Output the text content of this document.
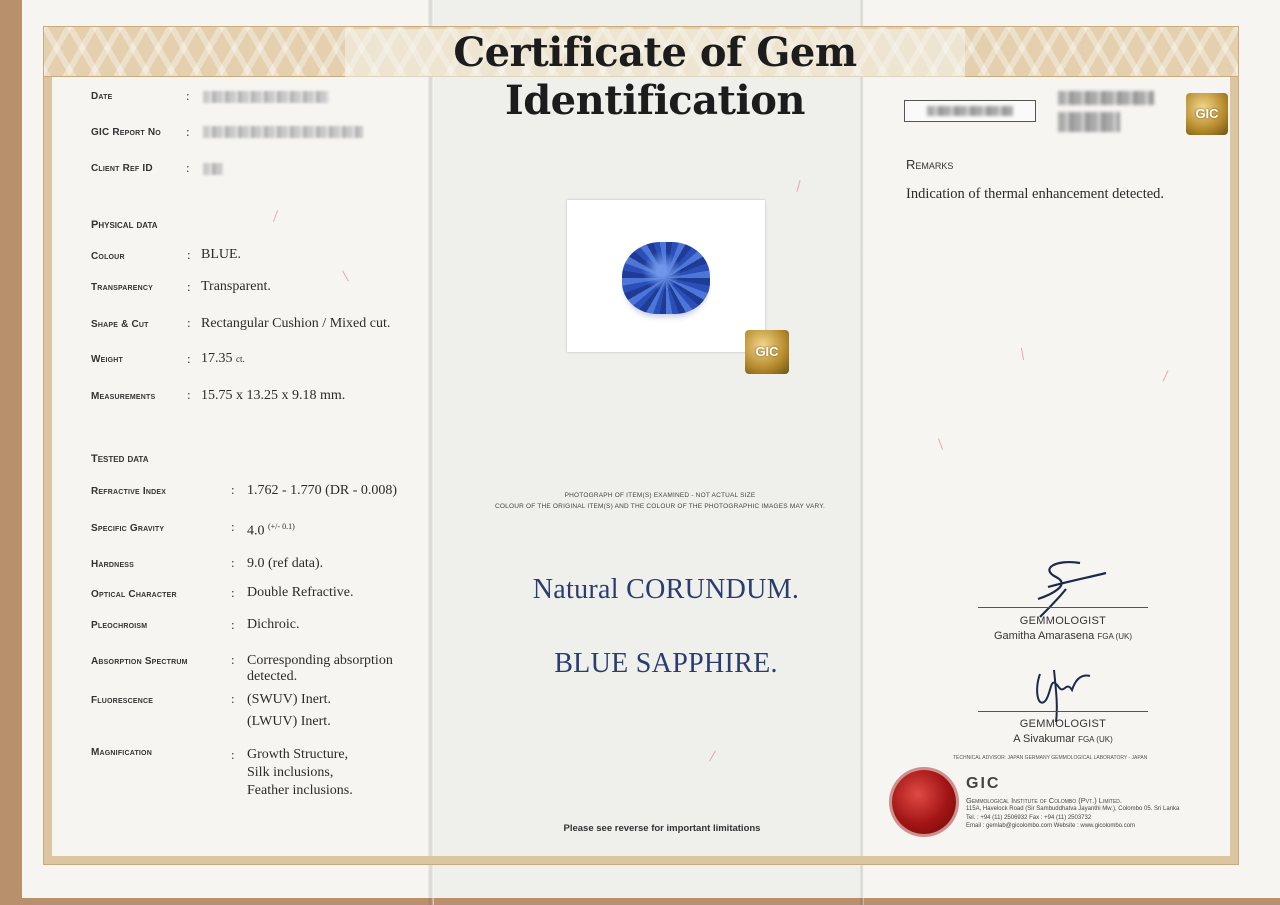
Certificate of Gem Identification
Date	:
GIC Report No :
Client Ref ID	:
Physical data
Colour	: BLUE.
Transparency	: Transparent.
Shape & Cut	: Rectangular Cushion / Mixed cut.
Weight	: 17.35 ct.
Measurements : 15.75 x 13.25 x 9.18 mm.
Tested data
Refractive Index	: 1.762 - 1.770 (DR - 0.008)
Specific Gravity	: 4.0 $^{(+/- 0.1)}$
Hardness	: 9.0 (ref data).
Optical Character	: Double Refractive.
Pleochroism	: Dichroic.
Absorption Spectrum	: Corresponding absorption
detected.
Fluorescence	: (SWUV) Inert.
(LWUV) Inert.
Magnification	: Growth Structure,
Silk inclusions,
Feather inclusions.
GIC
PHOTOGRAPH OF ITEM(S) EXAMINED - NOT ACTUAL SIZE
COLOUR OF THE ORIGINAL ITEM(S) AND THE COLOUR OF THE PHOTOGRAPHIC IMAGES MAY VARY.
Natural CORUNDUM.
BLUE SAPPHIRE.
Please see reverse for important limitations
GIC
Remarks
Indication of thermal enhancement detected.
GEMMOLOGIST
Gamitha Amarasena FGA (UK)
GEMMOLOGIST
A Sivakumar FGA (UK)
TECHNICAL ADVISOR: JAPAN GERMANY GEMMOLOGICAL LABORATORY - JAPAN
GIC
Gemmological Institute of Colombo (Pvt.) Limited.
115A, Havelock Road (Sir Sambuddhatva Jayanthi Mw.), Colombo 05. Sri Lanka
Tel. : +94 (11) 2506932 Fax : +94 (11) 2503732
Email : gemlab@gicolombo.com Website : www.gicolombo.com
